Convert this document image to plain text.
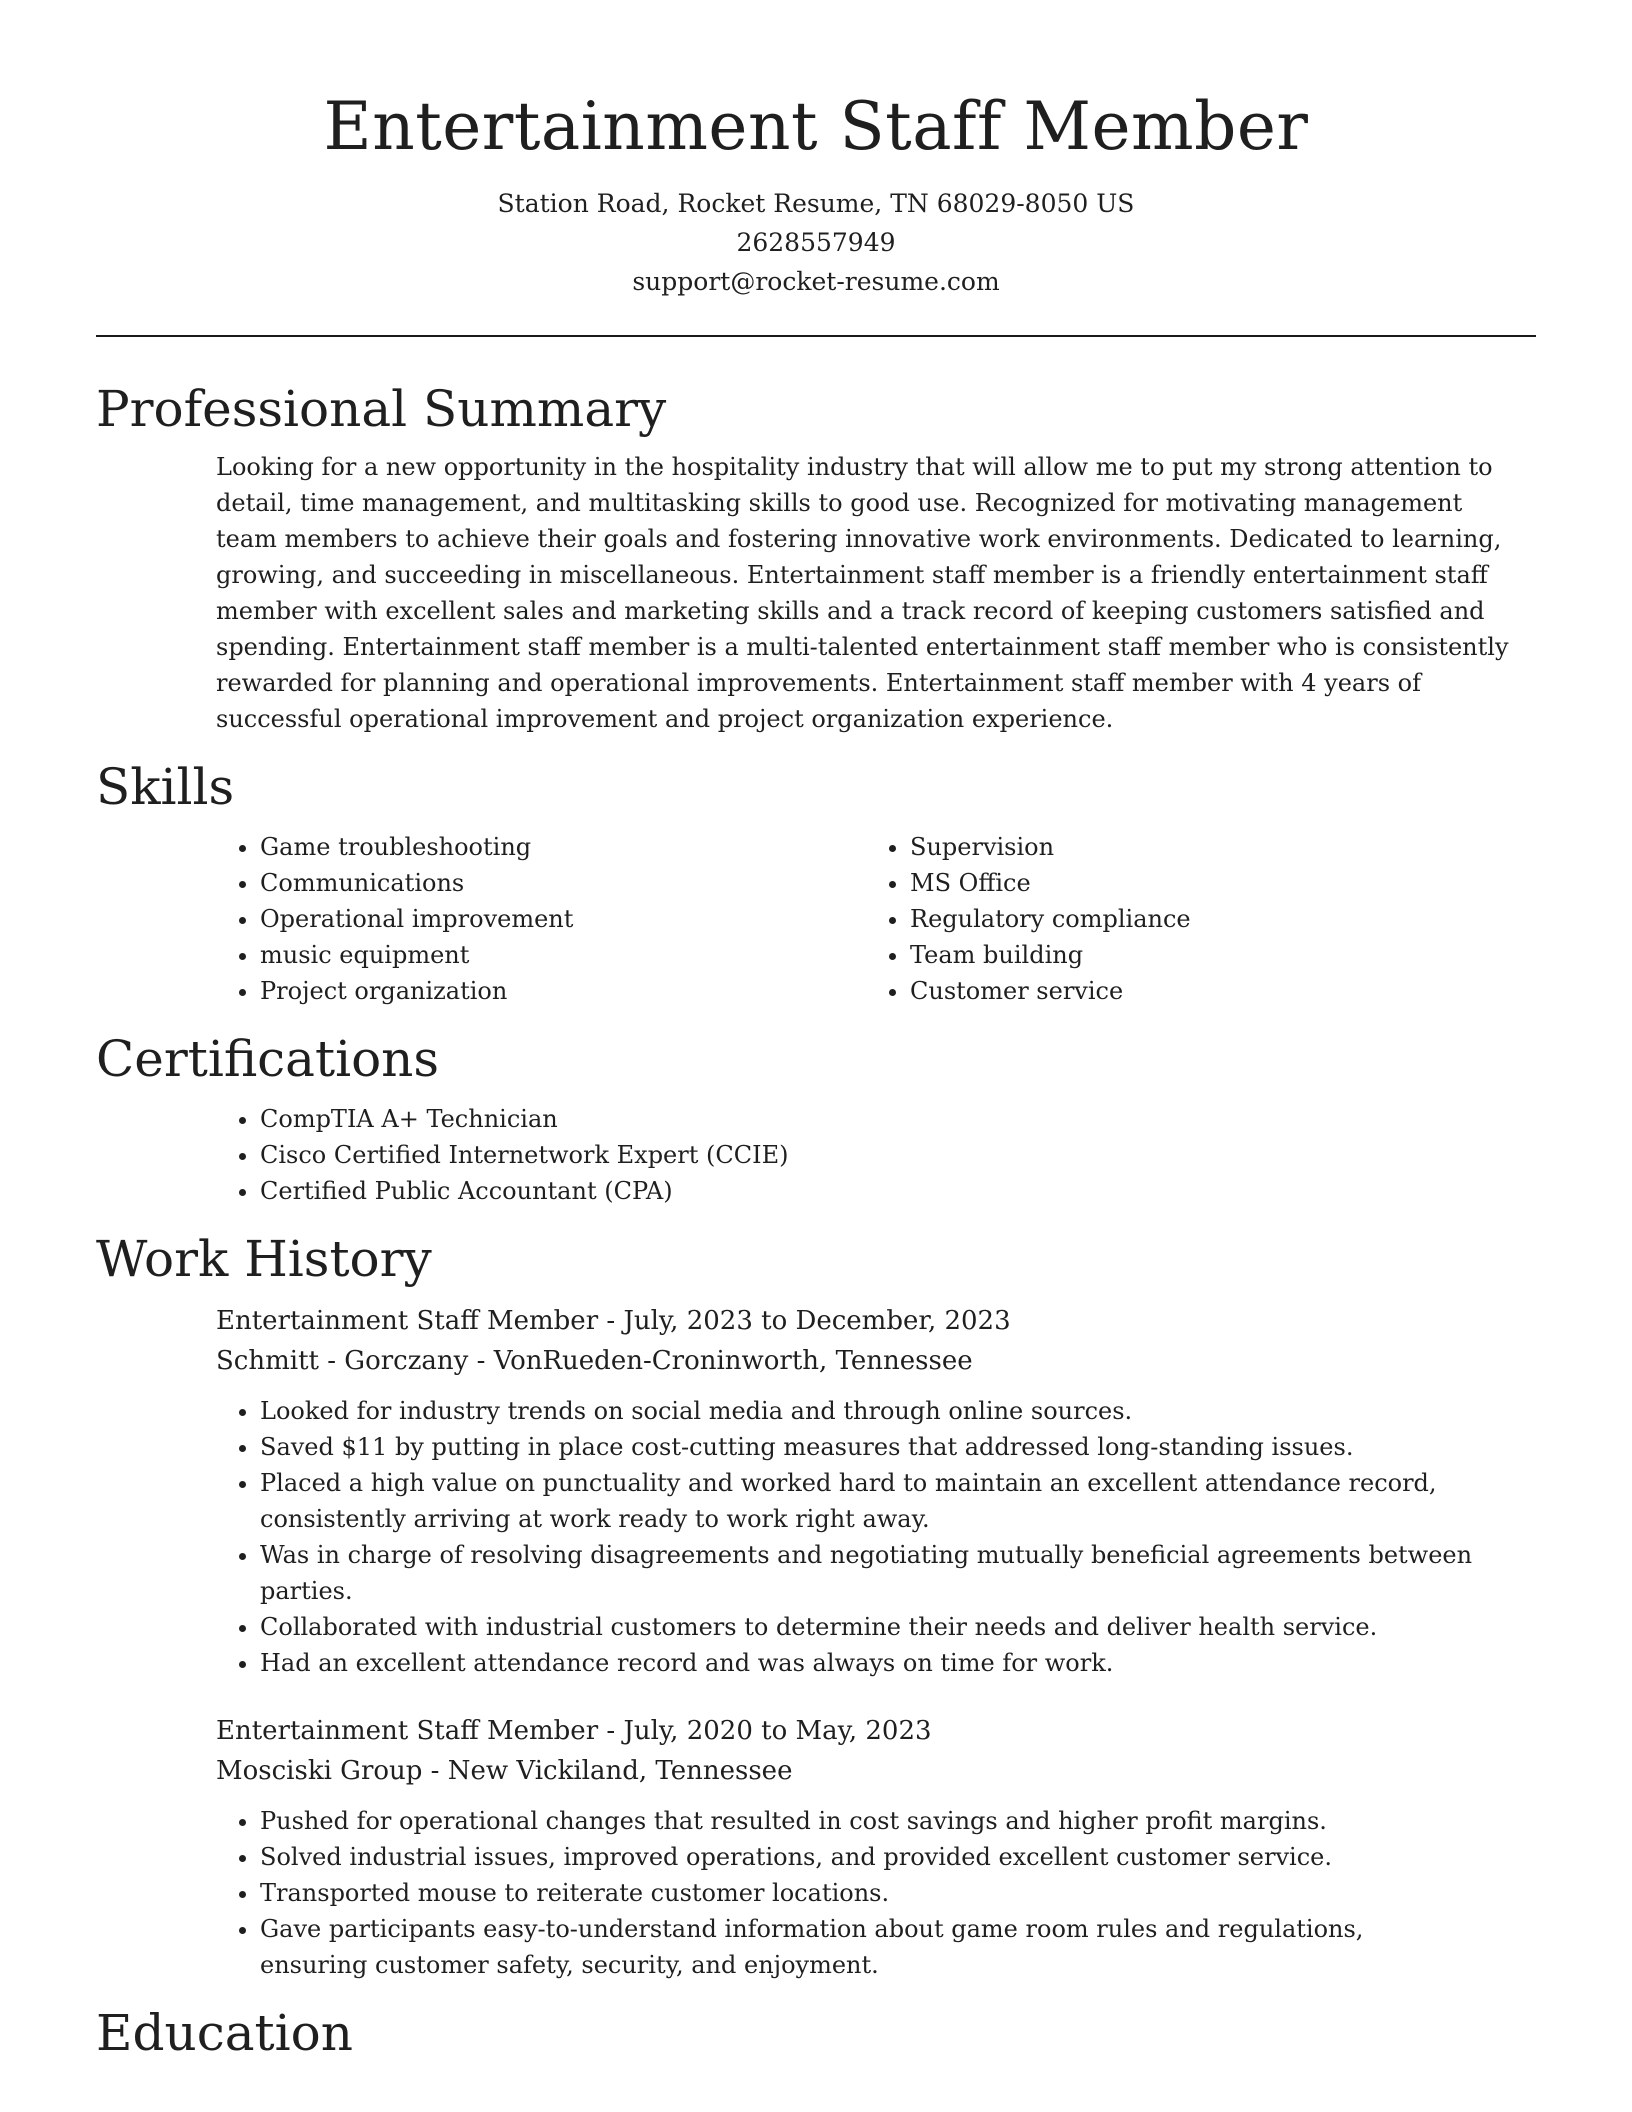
Entertainment Staff Member
Station Road, Rocket Resume, TN 68029-8050 US
2628557949
support@rocket-resume.com
Professional Summary

Looking for a new opportunity in the hospitality industry that will allow me to put my strong attention to detail, time management, and multitasking skills to good use. Recognized for motivating management team members to achieve their goals and fostering innovative work environments. Dedicated to learning, growing, and succeeding in miscellaneous. Entertainment staff member is a friendly entertainment staff member with excellent sales and marketing skills and a track record of keeping customers satisfied and spending. Entertainment staff member is a multi-talented entertainment staff member who is consistently rewarded for planning and operational improvements. Entertainment staff member with 4 years of successful operational improvement and project organization experience.

Skills
• Game troubleshooting
• Communications
• Operational improvement
• music equipment
• Project organization
• Supervision
• MS Office
• Regulatory compliance
• Team building
• Customer service
Certifications
• CompTIA A+ Technician
• Cisco Certified Internetwork Expert (CCIE)
• Certified Public Accountant (CPA)
Work History
Entertainment Staff Member - July, 2023 to December, 2023
Schmitt - Gorczany - VonRueden-Croninworth, Tennessee
• Looked for industry trends on social media and through online sources.
• Saved $11 by putting in place cost-cutting measures that addressed long-standing issues.
• Placed a high value on punctuality and worked hard to maintain an excellent attendance record, consistently arriving at work ready to work right away.
• Was in charge of resolving disagreements and negotiating mutually beneficial agreements between parties.
• Collaborated with industrial customers to determine their needs and deliver health service.
• Had an excellent attendance record and was always on time for work.
Entertainment Staff Member - July, 2020 to May, 2023
Mosciski Group - New Vickiland, Tennessee
• Pushed for operational changes that resulted in cost savings and higher profit margins.
• Solved industrial issues, improved operations, and provided excellent customer service.
• Transported mouse to reiterate customer locations.
• Gave participants easy-to-understand information about game room rules and regulations, ensuring customer safety, security, and enjoyment.
Education
